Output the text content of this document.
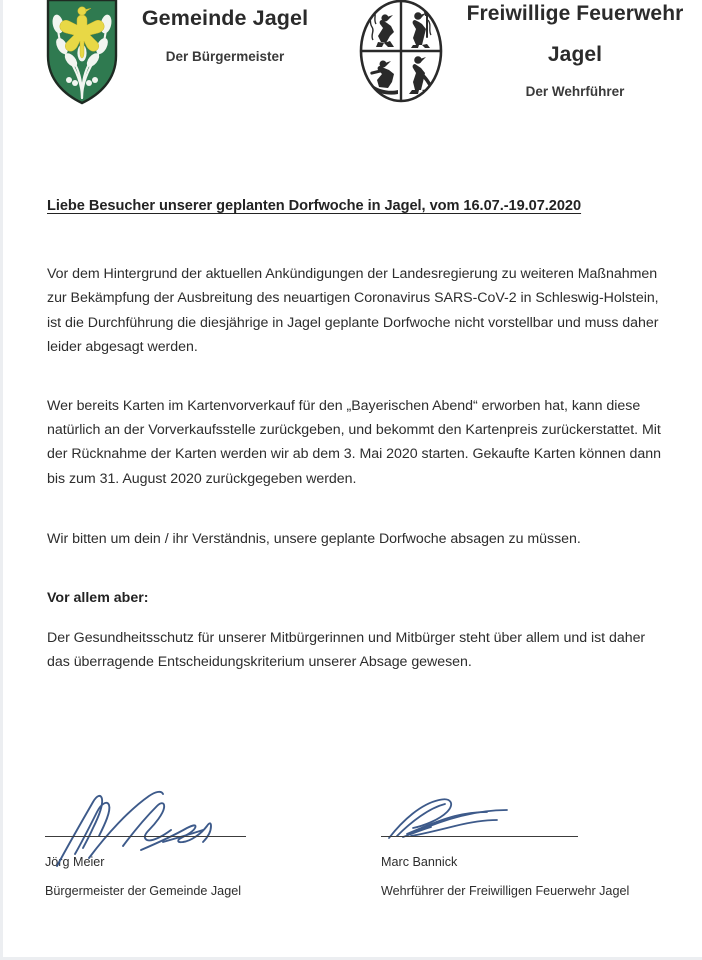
Gemeinde Jagel
Der Bürgermeister
Freiwillige Feuerwehr
Jagel
Der Wehrführer

Liebe Besucher unserer geplanten Dorfwoche in Jagel, vom 16.07.-19.07.2020

Vor dem Hintergrund der aktuellen Ankündigungen der Landesregierung zu weiteren Maßnahmen zur Bekämpfung der Ausbreitung des neuartigen Coronavirus SARS-CoV-2 in Schleswig-Holstein, ist die Durchführung die diesjährige in Jagel geplante Dorfwoche nicht vorstellbar und muss daher leider abgesagt werden.

Wer bereits Karten im Kartenvorverkauf für den „Bayerischen Abend“ erworben hat, kann diese natürlich an der Vorverkaufsstelle zurückgeben, und bekommt den Kartenpreis zurückerstattet. Mit der Rücknahme der Karten werden wir ab dem 3. Mai 2020 starten. Gekaufte Karten können dann bis zum 31. August 2020 zurückgegeben werden.

Wir bitten um dein / ihr Verständnis, unsere geplante Dorfwoche absagen zu müssen.

Vor allem aber:

Der Gesundheitsschutz für unserer Mitbürgerinnen und Mitbürger steht über allem und ist daher das überragende Entscheidungskriterium unserer Absage gewesen.

Jörg Meier

Bürgermeister der Gemeinde Jagel

Marc Bannick

Wehrführer der Freiwilligen Feuerwehr Jagel
